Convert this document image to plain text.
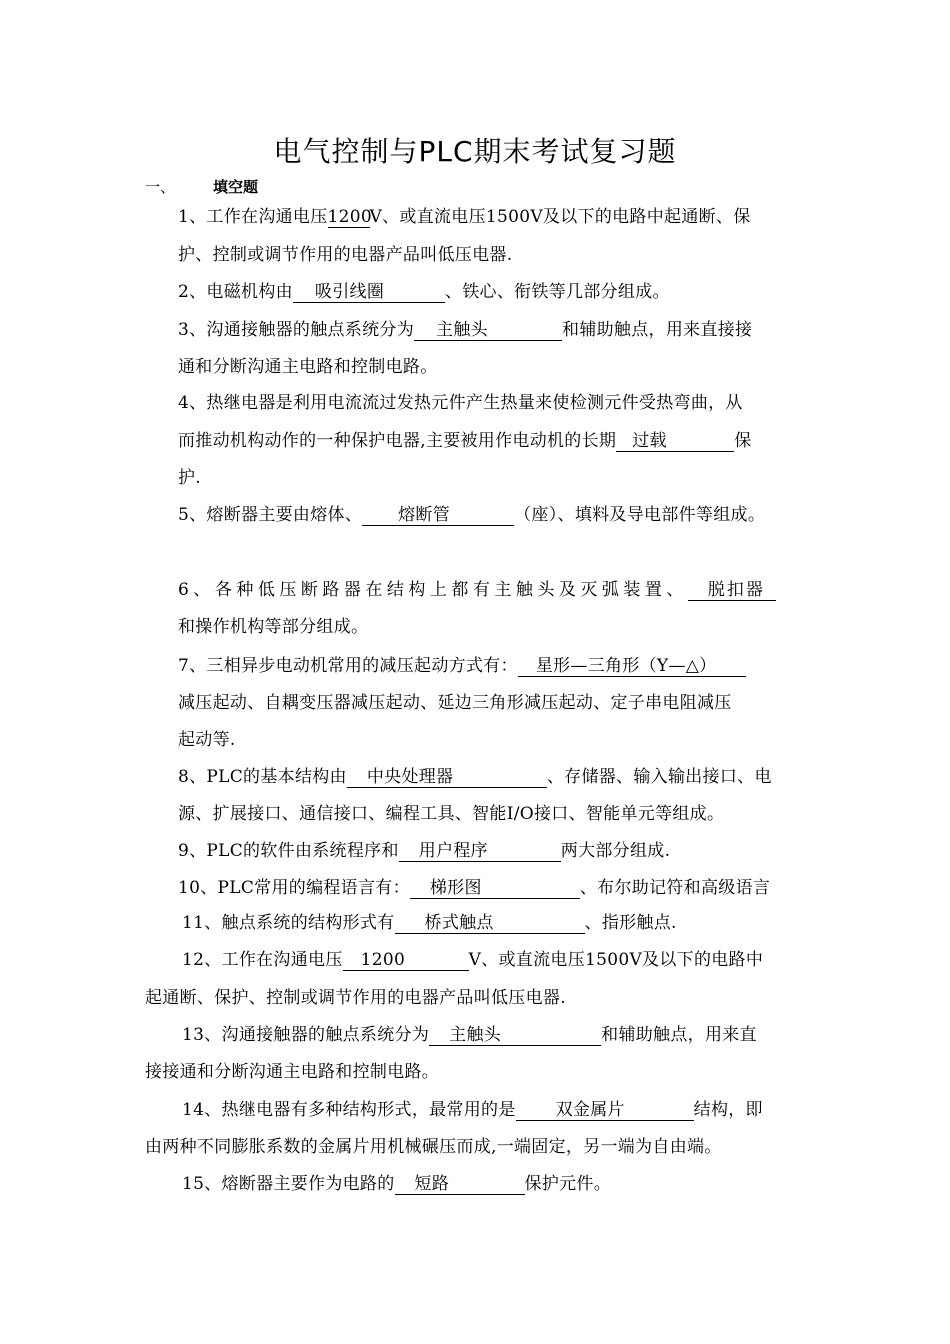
电气控制与PLC期末考试复习题
一、	填空题
1、工作在沟通电压1200V、或直流电压1500V及以下的电路中起通断、保
护、控制或调节作用的电器产品叫低压电器.
2、电磁机构由 吸引线圈	、铁心、衔铁等几部分组成。
3、沟通接触器的触点系统分为 主触头	和辅助触点，用来直接接
通和分断沟通主电路和控制电路。
4、热继电器是利用电流流过发热元件产生热量来使检测元件受热弯曲，从
而推动机构动作的一种保护电器,主要被用作电动机的长期 过载	保
护.
5、熔断器主要由熔体、 熔断管	（座）、填料及导电部件等组成。
6、各种低压断路器在结构上都有主触头及灭弧装置、 脱扣器
和操作机构等部分组成。
7、三相异步电动机常用的减压起动方式有： 星形—三角形（Y—△）
减压起动、自耦变压器减压起动、延边三角形减压起动、定子串电阻减压
起动等.
8、PLC的基本结构由 中央处理器	、存储器、输入输出接口、电
源、扩展接口、通信接口、编程工具、智能I/O接口、智能单元等组成。
9、PLC的软件由系统程序和 用户程序	两大部分组成.
10、PLC常用的编程语言有： 梯形图	、布尔助记符和高级语言
11、触点系统的结构形式有 桥式触点	、指形触点.
12、工作在沟通电压 1200	V、或直流电压1500V及以下的电路中
起通断、保护、控制或调节作用的电器产品叫低压电器.
13、沟通接触器的触点系统分为 主触头	和辅助触点，用来直
接接通和分断沟通主电路和控制电路。
14、热继电器有多种结构形式，最常用的是 双金属片	结构，即
由两种不同膨胀系数的金属片用机械碾压而成,一端固定，另一端为自由端。
15、熔断器主要作为电路的 短路	保护元件。
